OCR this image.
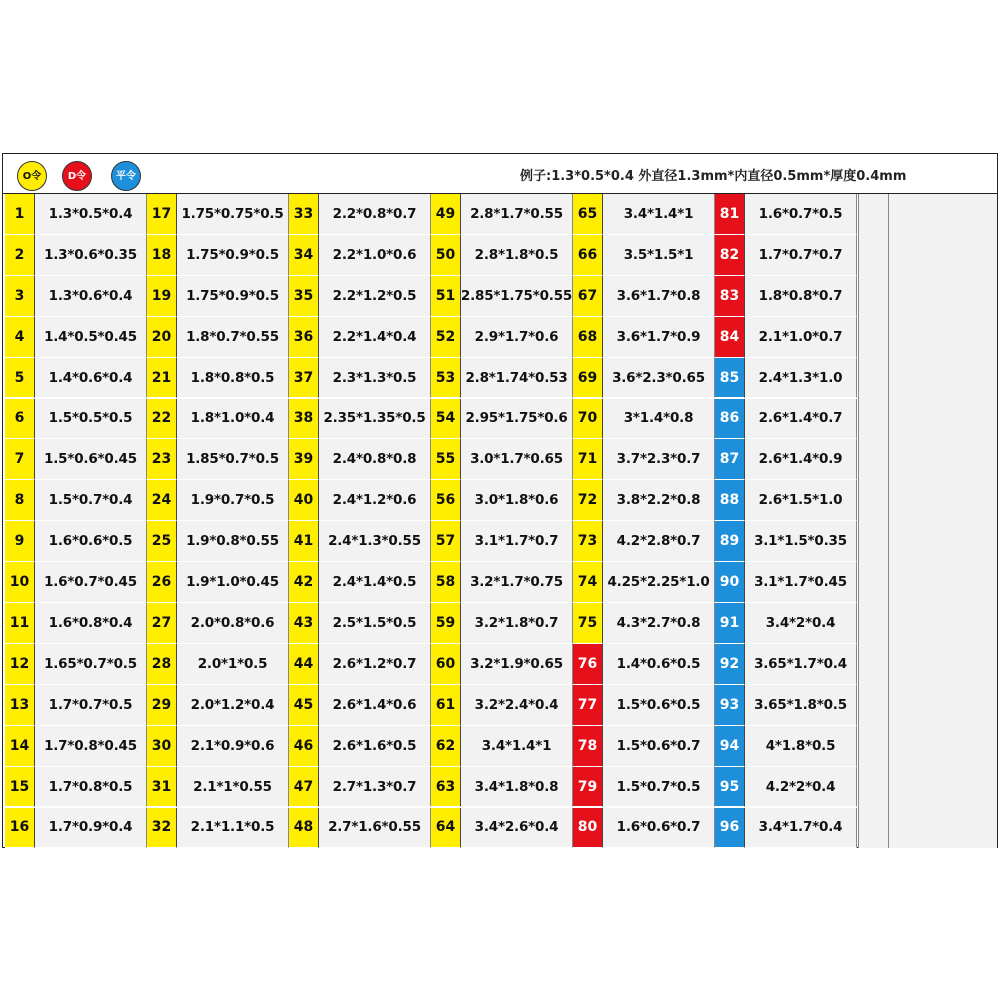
O令	D令	平令	例子:1.3*0.5*0.4 外直径1.3mm*内直径0.5mm*厚度0.4mm
1	1.3*0.5*0.4
2	1.3*0.6*0.35
3	1.3*0.6*0.4
4	1.4*0.5*0.45
5	1.4*0.6*0.4
6	1.5*0.5*0.5
7	1.5*0.6*0.45
8	1.5*0.7*0.4
9	1.6*0.6*0.5
10	1.6*0.7*0.45
11	1.6*0.8*0.4
12	1.65*0.7*0.5
13	1.7*0.7*0.5
14	1.7*0.8*0.45
15	1.7*0.8*0.5
16	1.7*0.9*0.4
17 1.75*0.75*0.5
18	1.75*0.9*0.5
19	1.75*0.9*0.5
20	1.8*0.7*0.55
21	1.8*0.8*0.5
22	1.8*1.0*0.4
23	1.85*0.7*0.5
24	1.9*0.7*0.5
25	1.9*0.8*0.55
26	1.9*1.0*0.45
27	2.0*0.8*0.6
28	2.0*1*0.5
29	2.0*1.2*0.4
30	2.1*0.9*0.6
31	2.1*1*0.55
32	2.1*1.1*0.5
33	2.2*0.8*0.7
34	2.2*1.0*0.6
35	2.2*1.2*0.5
36	2.2*1.4*0.4
37	2.3*1.3*0.5
38 2.35*1.35*0.5
39	2.4*0.8*0.8
40	2.4*1.2*0.6
41	2.4*1.3*0.55
42	2.4*1.4*0.5
43	2.5*1.5*0.5
44	2.6*1.2*0.7
45	2.6*1.4*0.6
46	2.6*1.6*0.5
47	2.7*1.3*0.7
48	2.7*1.6*0.55
49	2.8*1.7*0.55
50	2.8*1.8*0.5
51 2.85*1.75*0.55
52	2.9*1.7*0.6
53 2.8*1.74*0.53
54 2.95*1.75*0.6
55	3.0*1.7*0.65
56	3.0*1.8*0.6
57	3.1*1.7*0.7
58	3.2*1.7*0.75
59	3.2*1.8*0.7
60	3.2*1.9*0.65
61	3.2*2.4*0.4
62	3.4*1.4*1
63	3.4*1.8*0.8
64	3.4*2.6*0.4
65	3.4*1.4*1
66	3.5*1.5*1
67	3.6*1.7*0.8
68	3.6*1.7*0.9
69	3.6*2.3*0.65
70	3*1.4*0.8
71	3.7*2.3*0.7
72	3.8*2.2*0.8
73	4.2*2.8*0.7
74 4.25*2.25*1.0
75	4.3*2.7*0.8
76	1.4*0.6*0.5
77	1.5*0.6*0.5
78	1.5*0.6*0.7
79	1.5*0.7*0.5
80	1.6*0.6*0.7
81	1.6*0.7*0.5
82	1.7*0.7*0.7
83	1.8*0.8*0.7
84	2.1*1.0*0.7
85	2.4*1.3*1.0
86	2.6*1.4*0.7
87	2.6*1.4*0.9
88	2.6*1.5*1.0
89	3.1*1.5*0.35
90	3.1*1.7*0.45
91	3.4*2*0.4
92	3.65*1.7*0.4
93	3.65*1.8*0.5
94	4*1.8*0.5
95	4.2*2*0.4
96	3.4*1.7*0.4
